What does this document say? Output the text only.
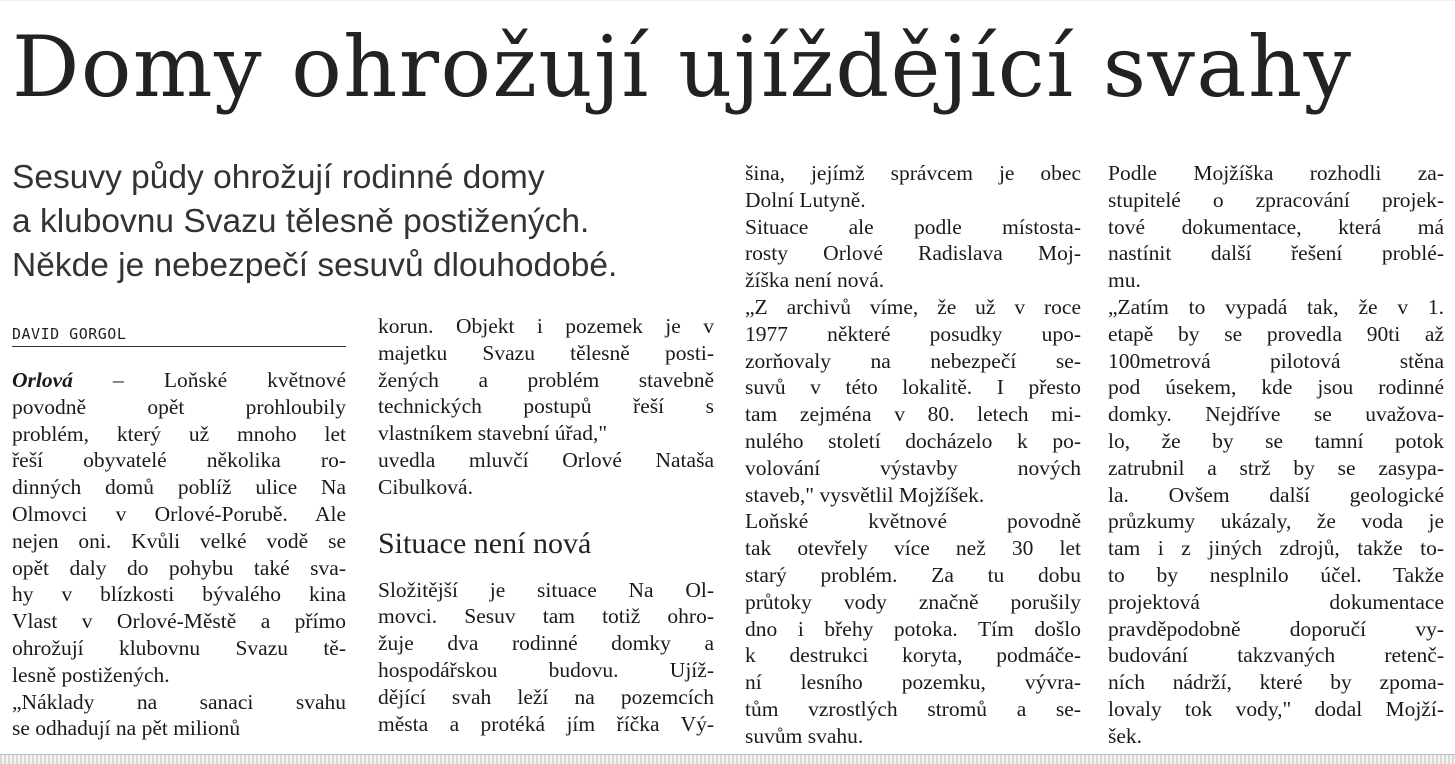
Domy ohrožují ujíždějící svahy
Sesuvy půdy ohrožují rodinné domy
a klubovnu Svazu tělesně postižených.
Někde je nebezpečí sesuvů dlouhodobé.
DAVID GORGOL
Orlová – Loňské květnové
povodně opět prohloubily
problém, který už mnoho let
řeší obyvatelé několika ro-
dinných domů poblíž ulice Na
Olmovci v Orlové-Porubě. Ale
nejen oni. Kvůli velké vodě se
opět daly do pohybu také sva-
hy v blízkosti bývalého kina
Vlast v Orlové-Městě a přímo
ohrožují klubovnu Svazu tě-
lesně postižených.
„Náklady na sanaci svahu
se odhadují na pět milionů
korun. Objekt i pozemek je v
majetku Svazu tělesně posti-
žených a problém stavebně
technických postupů řeší s
vlastníkem stavební úřad,"
uvedla mluvčí Orlové Nataša
Cibulková.
Situace není nová
Složitější je situace Na Ol-
movci. Sesuv tam totiž ohro-
žuje dva rodinné domky a
hospodářskou budovu. Ujíž-
dějící svah leží na pozemcích
města a protéká jím říčka Vý-
šina, jejímž správcem je obec
Dolní Lutyně.
Situace ale podle místosta-
rosty Orlové Radislava Moj-
žíška není nová.
„Z archivů víme, že už v roce
1977 některé posudky upo-
zorňovaly na nebezpečí se-
suvů v této lokalitě. I přesto
tam zejména v 80. letech mi-
nulého století docházelo k po-
volování výstavby nových
staveb," vysvětlil Mojžíšek.
Loňské květnové povodně
tak otevřely více než 30 let
starý problém. Za tu dobu
průtoky vody značně porušily
dno i břehy potoka. Tím došlo
k destrukci koryta, podmáče-
ní lesního pozemku, vývra-
tům vzrostlých stromů a se-
suvům svahu.
Podle Mojžíška rozhodli za-
stupitelé o zpracování projek-
tové dokumentace, která má
nastínit další řešení problé-
mu.
„Zatím to vypadá tak, že v 1.
etapě by se provedla 90ti až
100metrová pilotová stěna
pod úsekem, kde jsou rodinné
domky. Nejdříve se uvažova-
lo, že by se tamní potok
zatrubnil a strž by se zasypa-
la. Ovšem další geologické
průzkumy ukázaly, že voda je
tam i z jiných zdrojů, takže to-
to by nesplnilo účel. Takže
projektová dokumentace
pravděpodobně doporučí vy-
budování takzvaných retenč-
ních nádrží, které by zpoma-
lovaly tok vody," dodal Mojží-
šek.
